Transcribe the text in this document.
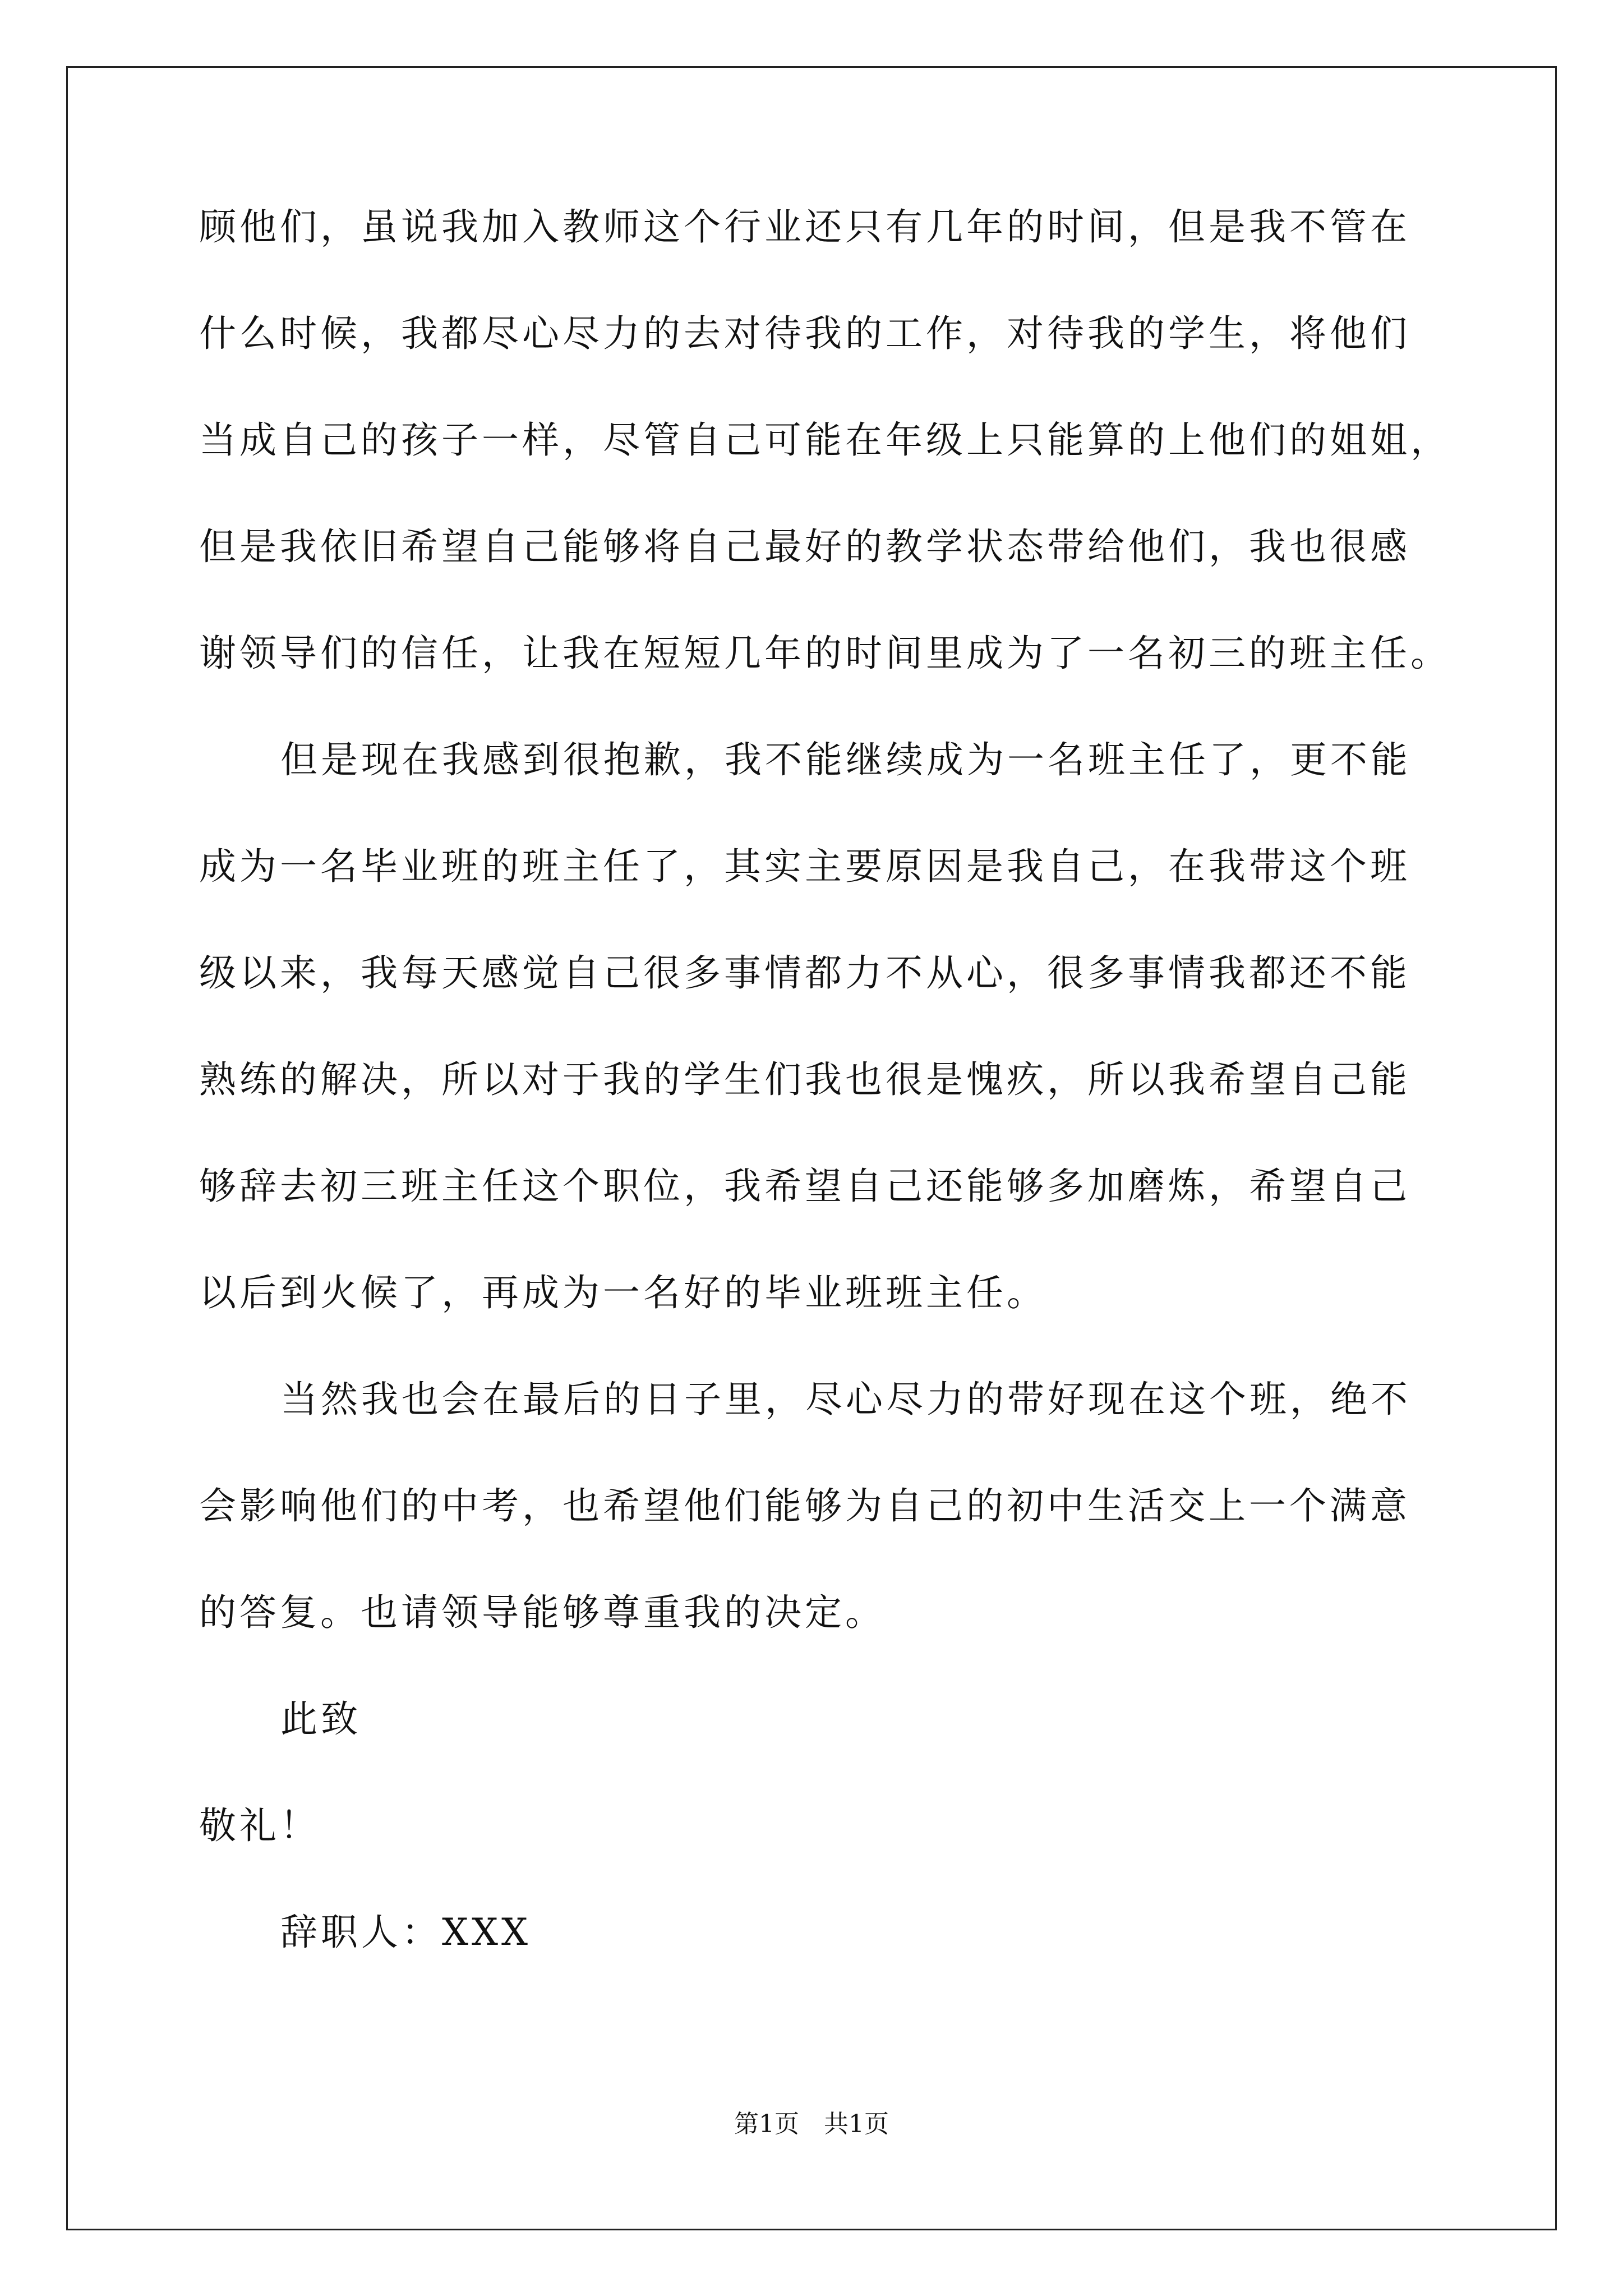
顾他们，虽说我加入教师这个行业还只有几年的时间，但是我不管在
什么时候，我都尽心尽力的去对待我的工作，对待我的学生，将他们
当成自己的孩子一样，尽管自己可能在年级上只能算的上他们的姐姐，
但是我依旧希望自己能够将自己最好的教学状态带给他们，我也很感
谢领导们的信任，让我在短短几年的时间里成为了一名初三的班主任。
但是现在我感到很抱歉，我不能继续成为一名班主任了，更不能
成为一名毕业班的班主任了，其实主要原因是我自己，在我带这个班
级以来，我每天感觉自己很多事情都力不从心，很多事情我都还不能
熟练的解决，所以对于我的学生们我也很是愧疚，所以我希望自己能
够辞去初三班主任这个职位，我希望自己还能够多加磨炼，希望自己
以后到火候了，再成为一名好的毕业班班主任。
当然我也会在最后的日子里，尽心尽力的带好现在这个班，绝不
会影响他们的中考，也希望他们能够为自己的初中生活交上一个满意
的答复。也请领导能够尊重我的决定。
此致
敬礼！
辞职人：XXX
第1页　共1页
